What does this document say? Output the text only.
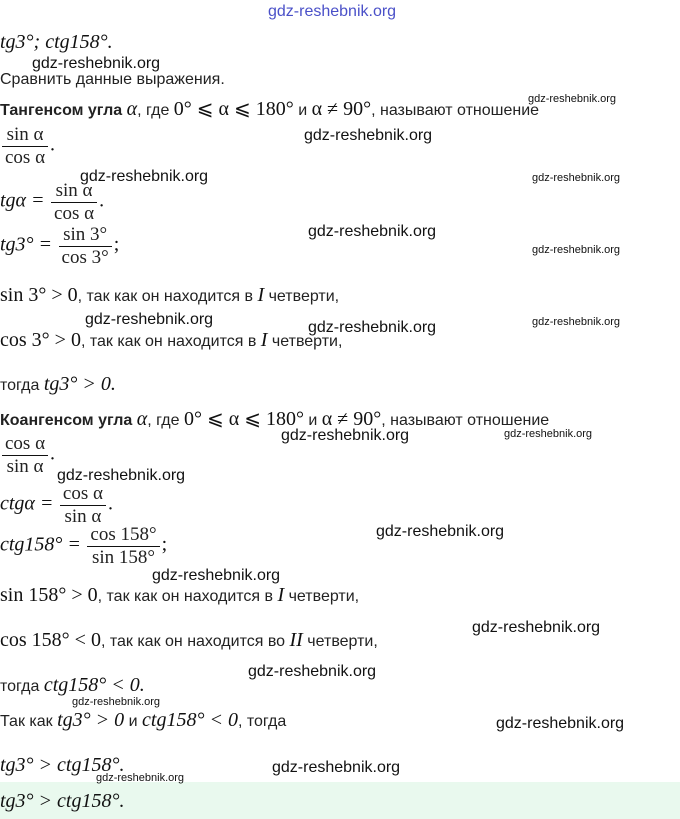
gdz-reshebnik.org
tg3°; ctg158°.
Сравнить данные выражения.
Тангенсом угла α, где 0° ⩽ α ⩽ 180° и α ≠ 90°, называют отношение
$\frac{\text{sin α}}{\text{cos α}}$ .
$tg\alpha = \frac{\text{sin α}}{\text{cos α}}$ .
$tg3^\circ = \frac{\sin 3^\circ}{\cos 3^\circ}$ ;
sin 3° > 0, так как он находится в I четверти,
cos 3° > 0, так как он находится в I четверти,
тогда tg3° > 0.
Коангенсом угла α, где 0° ⩽ α ⩽ 180° и α ≠ 90°, называют отношение
$\frac{\text{cos α}}{\text{sin α}}$ .
$ctg\alpha = \frac{\text{cos α}}{\text{sin α}}$ .
$ctg158^\circ = \frac{\cos 158^\circ}{\sin 158^\circ}$ ;
sin 158° > 0, так как он находится в I четверти,
cos 158° < 0, так как он находится во II четверти,
тогда ctg158° < 0.
Так как tg3° > 0 и ctg158° < 0, тогда
tg3° > ctg158°.
tg3° > ctg158°.
gdz-reshebnik.org
gdz-reshebnik.org
gdz-reshebnik.org
gdz-reshebnik.org	gdz-reshebnik.org
gdz-reshebnik.org
gdz-reshebnik.org
gdz-reshebnik.org	gdz-reshebnik.org	gdz-reshebnik.org
gdz-reshebnik.org	gdz-reshebnik.org
gdz-reshebnik.org
gdz-reshebnik.org
gdz-reshebnik.org
gdz-reshebnik.org
gdz-reshebnik.org
gdz-reshebnik.org
gdz-reshebnik.org
gdz-reshebnik.org
gdz-reshebnik.org
